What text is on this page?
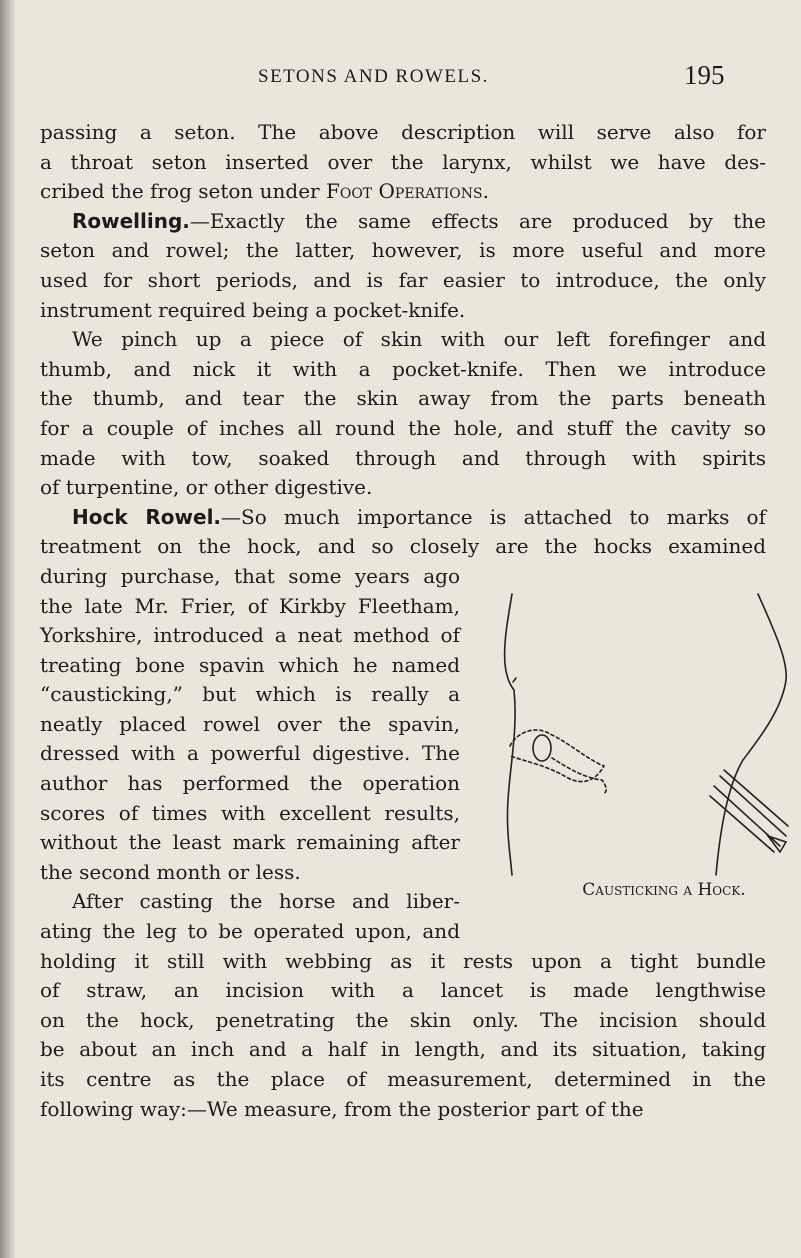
SETONS AND ROWELS.	195
passing a seton. The above description will serve also for
a throat seton inserted over the larynx, whilst we have des-
cribed the frog seton under Foot Operations.
Rowelling.—Exactly the same effects are produced by the
seton and rowel; the latter, however, is more useful and more
used for short periods, and is far easier to introduce, the only
instrument required being a pocket-knife.
We pinch up a piece of skin with our left forefinger and
thumb, and nick it with a pocket-knife. Then we introduce
the thumb, and tear the skin away from the parts beneath
for a couple of inches all round the hole, and stuff the cavity so
made with tow, soaked through and through with spirits
of turpentine, or other digestive.
Hock Rowel.—So much importance is attached to marks of
treatment on the hock, and so closely are the hocks examined
during purchase, that some years ago
the late Mr. Frier, of Kirkby Fleetham,
Yorkshire, introduced a neat method of
treating bone spavin which he named
“causticking,” but which is really a
neatly placed rowel over the spavin,
dressed with a powerful digestive. The
author has performed the operation
scores of times with excellent results,
without the least mark remaining after
the second month or less.
After casting the horse and liber-
ating the leg to be operated upon, and
holding it still with webbing as it rests upon a tight bundle
of straw, an incision with a lancet is made lengthwise
on the hock, penetrating the skin only. The incision should
be about an inch and a half in length, and its situation, taking
its centre as the place of measurement, determined in the
following way:—We measure, from the posterior part of the
Causticking a Hock.
